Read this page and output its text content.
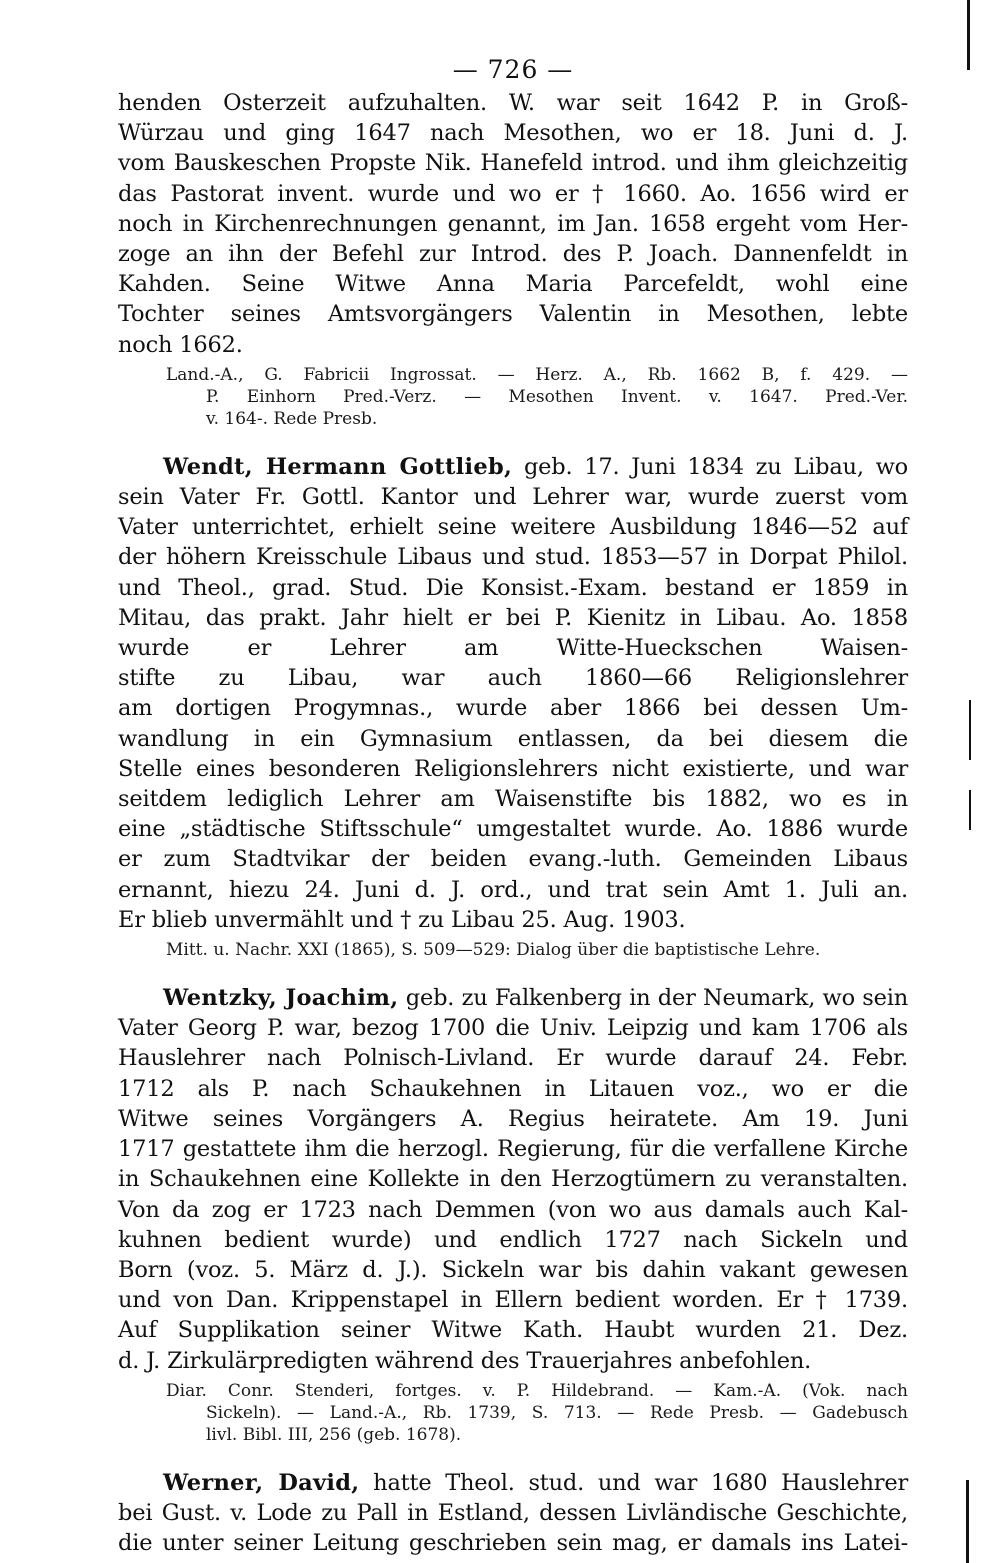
— 726 —
henden Osterzeit aufzuhalten. W. war seit 1642 P. in Groß-
Würzau und ging 1647 nach Mesothen, wo er 18. Juni d. J.
vom Bauskeschen Propste Nik. Hanefeld introd. und ihm gleichzeitig
das Pastorat invent. wurde und wo er † 1660. Ao. 1656 wird er
noch in Kirchenrechnungen genannt, im Jan. 1658 ergeht vom Her-
zoge an ihn der Befehl zur Introd. des P. Joach. Dannenfeldt in
Kahden. Seine Witwe Anna Maria Parcefeldt, wohl eine
Tochter seines Amtsvorgängers Valentin in Mesothen, lebte
noch 1662.
Land.-A., G. Fabricii Ingrossat. — Herz. A., Rb. 1662 B, f. 429. —
P. Einhorn Pred.-Verz. — Mesothen Invent. v. 1647. Pred.-Ver.
v. 164-. Rede Presb.
Wendt, Hermann Gottlieb, geb. 17. Juni 1834 zu Libau, wo
sein Vater Fr. Gottl. Kantor und Lehrer war, wurde zuerst vom
Vater unterrichtet, erhielt seine weitere Ausbildung 1846—52 auf
der höhern Kreisschule Libaus und stud. 1853—57 in Dorpat Philol.
und Theol., grad. Stud. Die Konsist.-Exam. bestand er 1859 in
Mitau, das prakt. Jahr hielt er bei P. Kienitz in Libau. Ao. 1858
wurde er Lehrer am Witte-Hueckschen Waisen-
stifte zu Libau, war auch 1860—66 Religionslehrer
am dortigen Progymnas., wurde aber 1866 bei dessen Um-
wandlung in ein Gymnasium entlassen, da bei diesem die
Stelle eines besonderen Religionslehrers nicht existierte, und war
seitdem lediglich Lehrer am Waisenstifte bis 1882, wo es in
eine „städtische Stiftsschule“ umgestaltet wurde. Ao. 1886 wurde
er zum Stadtvikar der beiden evang.-luth. Gemeinden Libaus
ernannt, hiezu 24. Juni d. J. ord., und trat sein Amt 1. Juli an.
Er blieb unvermählt und † zu Libau 25. Aug. 1903.
Mitt. u. Nachr. XXI (1865), S. 509—529: Dialog über die baptistische Lehre.
Wentzky, Joachim, geb. zu Falkenberg in der Neumark, wo sein
Vater Georg P. war, bezog 1700 die Univ. Leipzig und kam 1706 als
Hauslehrer nach Polnisch-Livland. Er wurde darauf 24. Febr.
1712 als P. nach Schaukehnen in Litauen voz., wo er die
Witwe seines Vorgängers A. Regius heiratete. Am 19. Juni
1717 gestattete ihm die herzogl. Regierung, für die verfallene Kirche
in Schaukehnen eine Kollekte in den Herzogtümern zu veranstalten.
Von da zog er 1723 nach Demmen (von wo aus damals auch Kal-
kuhnen bedient wurde) und endlich 1727 nach Sickeln und
Born (voz. 5. März d. J.). Sickeln war bis dahin vakant gewesen
und von Dan. Krippenstapel in Ellern bedient worden. Er † 1739.
Auf Supplikation seiner Witwe Kath. Haubt wurden 21. Dez.
d. J. Zirkulärpredigten während des Trauerjahres anbefohlen.
Diar. Conr. Stenderi, fortges. v. P. Hildebrand. — Kam.-A. (Vok. nach
Sickeln). — Land.-A., Rb. 1739, S. 713. — Rede Presb. — Gadebusch
livl. Bibl. III, 256 (geb. 1678).
Werner, David, hatte Theol. stud. und war 1680 Hauslehrer
bei Gust. v. Lode zu Pall in Estland, dessen Livländische Geschichte,
die unter seiner Leitung geschrieben sein mag, er damals ins Latei-
